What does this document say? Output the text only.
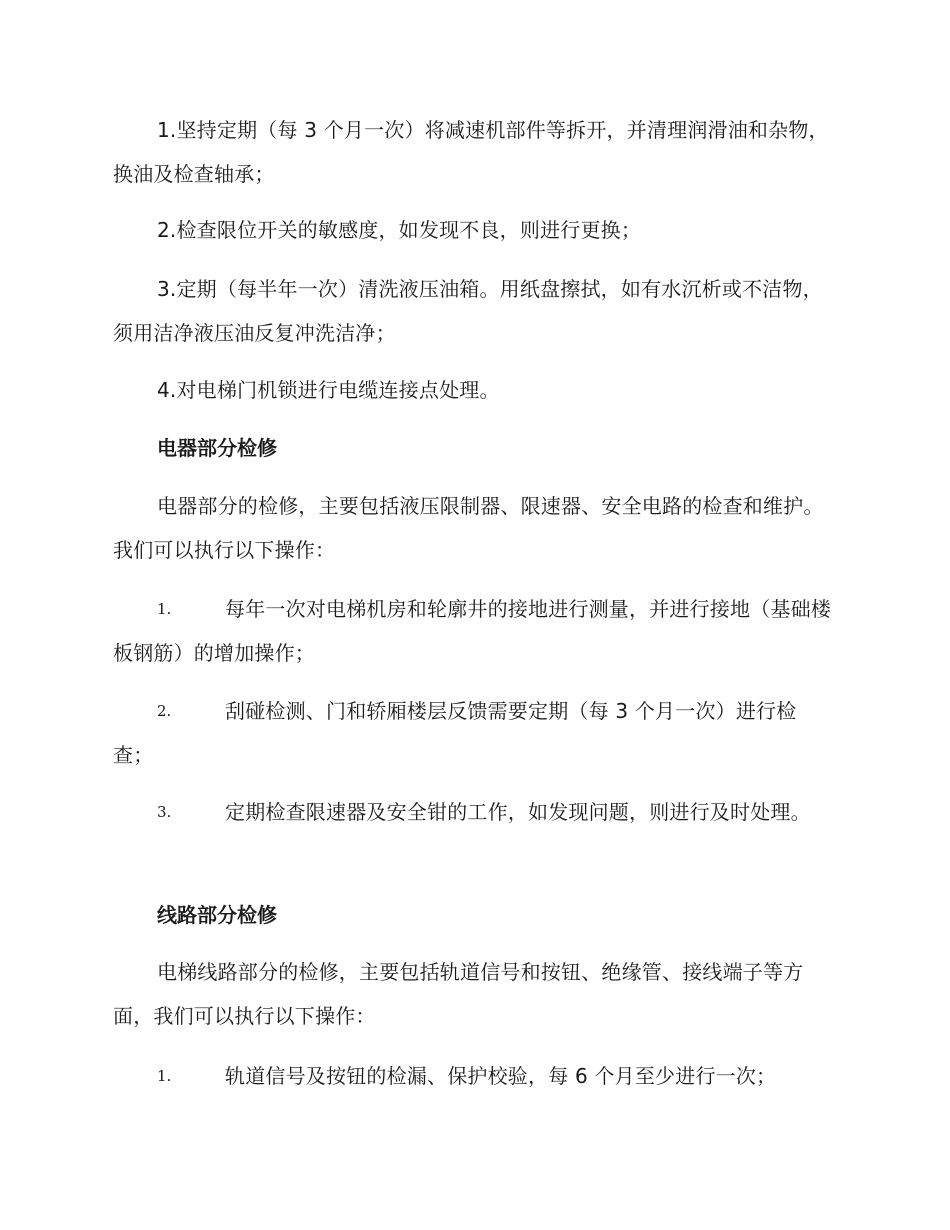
1.坚持定期（每 3 个月一次）将减速机部件等拆开，并清理润滑油和杂物，换油及检查轴承；

2.检查限位开关的敏感度，如发现不良，则进行更换；

3.定期（每半年一次）清洗液压油箱。用纸盘擦拭，如有水沉析或不洁物，须用洁净液压油反复冲洗洁净；

4.对电梯门机锁进行电缆连接点处理。

电器部分检修

电器部分的检修，主要包括液压限制器、限速器、安全电路的检查和维护。我们可以执行以下操作：

1.	每年一次对电梯机房和轮廓井的接地进行测量，并进行接地（基础楼板钢筋）的增加操作；
2.	刮碰检测、门和轿厢楼层反馈需要定期（每 3 个月一次）进行检查；
3.	定期检查限速器及安全钳的工作，如发现问题，则进行及时处理。
线路部分检修

电梯线路部分的检修，主要包括轨道信号和按钮、绝缘管、接线端子等方面，我们可以执行以下操作：

1.	轨道信号及按钮的检漏、保护校验，每 6 个月至少进行一次；
